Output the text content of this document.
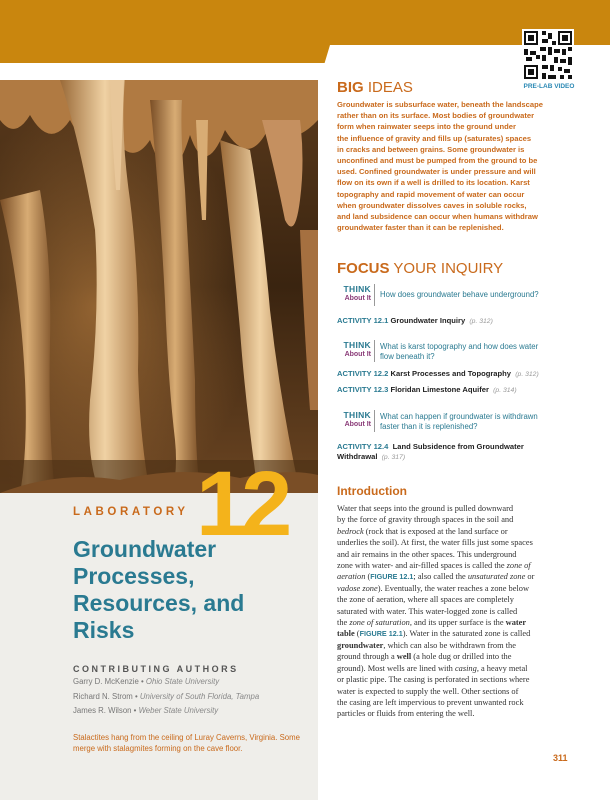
PRE-LAB VIDEO
12
LABORATORY
Groundwater
Processes,
Resources, and
Risks
CONTRIBUTING AUTHORS
Garry D. McKenzie • Ohio State University
Richard N. Strom • University of South Florida, Tampa
James R. Wilson • Weber State University
Stalactites hang from the ceiling of Luray Caverns, Virginia. Some
merge with stalagmites forming on the cave floor.
BIG IDEAS
Groundwater is subsurface water, beneath the landscape
rather than on its surface. Most bodies of groundwater
form when rainwater seeps into the ground under
the influence of gravity and fills up (saturates) spaces
in cracks and between grains. Some groundwater is
unconfined and must be pumped from the ground to be
used. Confined groundwater is under pressure and will
flow on its own if a well is drilled to its location. Karst
topography and rapid movement of water can occur
when groundwater dissolves caves in soluble rocks,
and land subsidence can occur when humans withdraw
groundwater faster than it can be replenished.
FOCUS YOUR INQUIRY
THINK
About It How does groundwater behave underground?
ACTIVITY 12.1 Groundwater Inquiry (p. 312)
THINK
About It
What is karst topography and how does water
flow beneath it?
ACTIVITY 12.2 Karst Processes and Topography (p. 312)
ACTIVITY 12.3 Floridan Limestone Aquifer (p. 314)
THINK
About It
What can happen if groundwater is withdrawn
faster than it is replenished?
ACTIVITY 12.4 Land Subsidence from Groundwater
Withdrawal (p. 317)
Introduction
Water that seeps into the ground is pulled downward
by the force of gravity through spaces in the soil and
bedrock (rock that is exposed at the land surface or
underlies the soil). At first, the water fills just some spaces
and air remains in the other spaces. This underground
zone with water- and air-filled spaces is called the zone of
aeration (FIGURE 12.1; also called the unsaturated zone or
vadose zone). Eventually, the water reaches a zone below
the zone of aeration, where all spaces are completely
saturated with water. This water-logged zone is called
the zone of saturation, and its upper surface is the water
table (FIGURE 12.1). Water in the saturated zone is called
groundwater, which can also be withdrawn from the
ground through a well (a hole dug or drilled into the
ground). Most wells are lined with casing, a heavy metal
or plastic pipe. The casing is perforated in sections where
water is expected to supply the well. Other sections of
the casing are left impervious to prevent unwanted rock
particles or fluids from entering the well.
311
